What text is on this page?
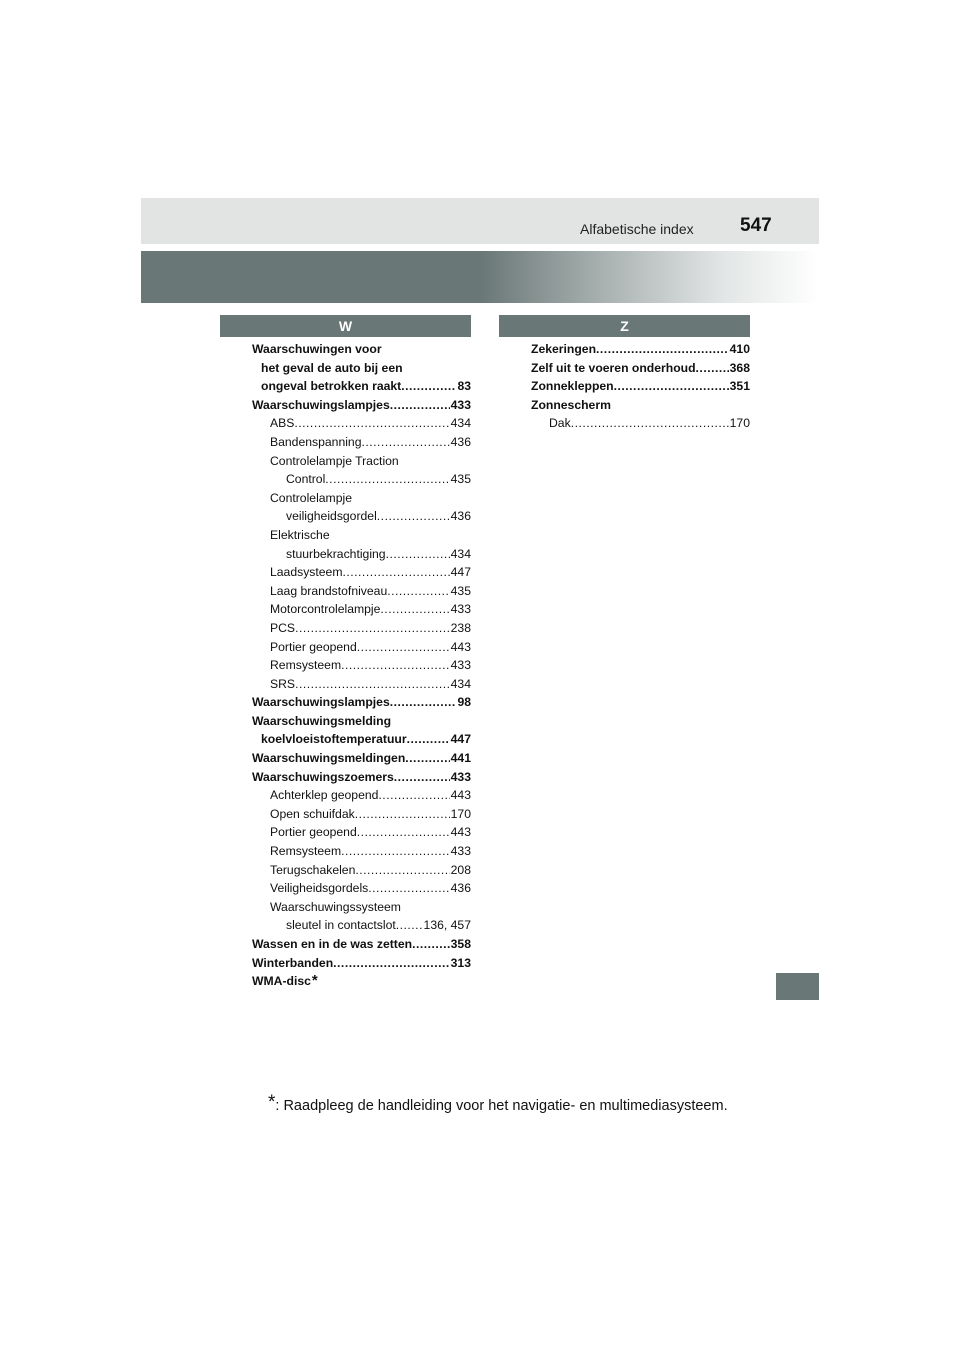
Alfabetische index 547
W	Z
Waarschuwingen voor
het geval de auto bij een
ongeval betrokken raakt .....	83
Waarschuwingslampjes .....	433
ABS .....	434
Bandenspanning .....	436
Controlelampje Traction
Control .....	435
Controlelampje
veiligheidsgordel .....	436
Elektrische
stuurbekrachtiging .....	434
Laadsysteem .....	447
Laag brandstofniveau .....	435
Motorcontrolelampje .....	433
PCS .....	238
Portier geopend .....	443
Remsysteem .....	433
SRS .....	434
Waarschuwingslampjes .....	98
Waarschuwingsmelding
koelvloeistoftemperatuur .....	447
Waarschuwingsmeldingen .....	441
Waarschuwingszoemers .....	433
Achterklep geopend .....	443
Open schuifdak .....	170
Portier geopend .....	443
Remsysteem .....	433
Terugschakelen .....	208
Veiligheidsgordels .....	436
Waarschuwingssysteem
sleutel in contactslot ..... 136, 457
Wassen en in de was zetten .....	358
Winterbanden .....	313
WMA-disc *
Zekeringen .....	410
Zelf uit te voeren onderhoud .....	368
Zonnekleppen .....	351
Zonnescherm
Dak .....	170
*: Raadpleeg de handleiding voor het navigatie- en multimediasysteem.
